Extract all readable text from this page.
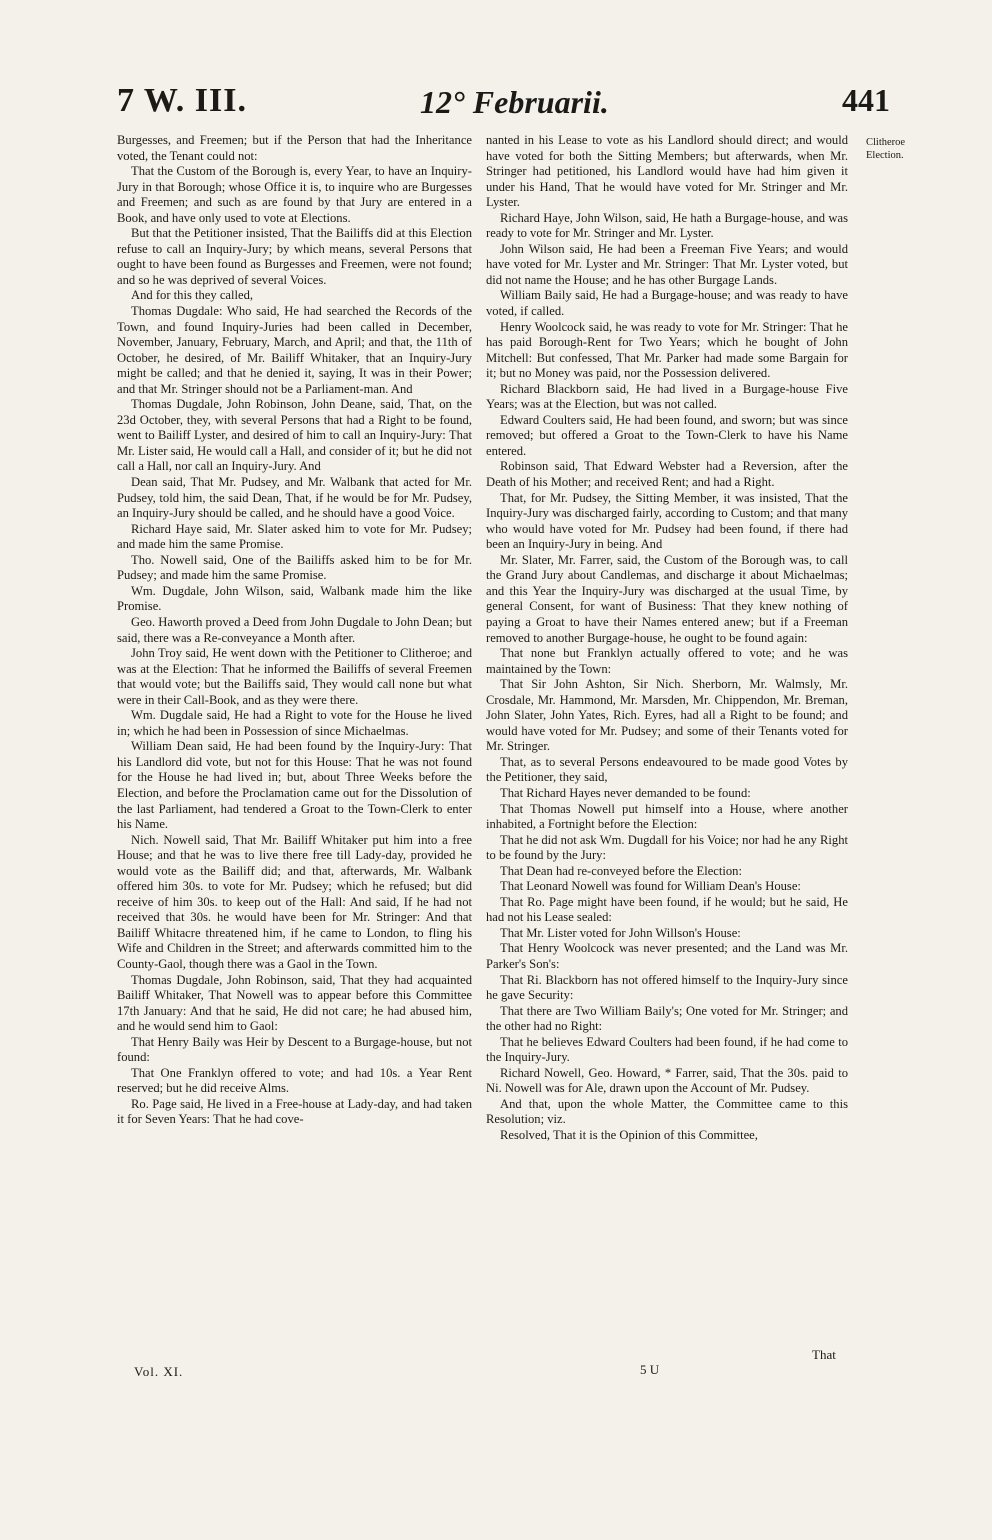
7 W. III.	12° Februarii.	441

Burgesses, and Freemen; but if the Person that had the Inheritance voted, the Tenant could not:

That the Custom of the Borough is, every Year, to have an Inquiry-Jury in that Borough; whose Office it is, to inquire who are Burgesses and Freemen; and such as are found by that Jury are entered in a Book, and have only used to vote at Elections.

But that the Petitioner insisted, That the Bailiffs did at this Election refuse to call an Inquiry-Jury; by which means, several Persons that ought to have been found as Burgesses and Freemen, were not found; and so he was deprived of several Voices.

And for this they called,

Thomas Dugdale: Who said, He had searched the Records of the Town, and found Inquiry-Juries had been called in December, November, January, February, March, and April; and that, the 11th of October, he desired, of Mr. Bailiff Whitaker, that an Inquiry-Jury might be called; and that he denied it, saying, It was in their Power; and that Mr. Stringer should not be a Parliament-man. And

Thomas Dugdale, John Robinson, John Deane, said, That, on the 23d October, they, with several Persons that had a Right to be found, went to Bailiff Lyster, and desired of him to call an Inquiry-Jury: That Mr. Lister said, He would call a Hall, and consider of it; but he did not call a Hall, nor call an Inquiry-Jury. And

Dean said, That Mr. Pudsey, and Mr. Walbank that acted for Mr. Pudsey, told him, the said Dean, That, if he would be for Mr. Pudsey, an Inquiry-Jury should be called, and he should have a good Voice.

Richard Haye said, Mr. Slater asked him to vote for Mr. Pudsey; and made him the same Promise.

Tho. Nowell said, One of the Bailiffs asked him to be for Mr. Pudsey; and made him the same Promise.

Wm. Dugdale, John Wilson, said, Walbank made him the like Promise.

Geo. Haworth proved a Deed from John Dugdale to John Dean; but said, there was a Re-conveyance a Month after.

John Troy said, He went down with the Petitioner to Clitheroe; and was at the Election: That he informed the Bailiffs of several Freemen that would vote; but the Bailiffs said, They would call none but what were in their Call-Book, and as they were there.

Wm. Dugdale said, He had a Right to vote for the House he lived in; which he had been in Possession of since Michaelmas.

William Dean said, He had been found by the Inquiry-Jury: That his Landlord did vote, but not for this House: That he was not found for the House he had lived in; but, about Three Weeks before the Election, and before the Proclamation came out for the Dissolution of the last Parliament, had tendered a Groat to the Town-Clerk to enter his Name.

Nich. Nowell said, That Mr. Bailiff Whitaker put him into a free House; and that he was to live there free till Lady-day, provided he would vote as the Bailiff did; and that, afterwards, Mr. Walbank offered him 30s. to vote for Mr. Pudsey; which he refused; but did receive of him 30s. to keep out of the Hall: And said, If he had not received that 30s. he would have been for Mr. Stringer: And that Bailiff Whitacre threatened him, if he came to London, to fling his Wife and Children in the Street; and afterwards committed him to the County-Gaol, though there was a Gaol in the Town.

Thomas Dugdale, John Robinson, said, That they had acquainted Bailiff Whitaker, That Nowell was to appear before this Committee 17th January: And that he said, He did not care; he had abused him, and he would send him to Gaol:

That Henry Baily was Heir by Descent to a Burgage-house, but not found:

That One Franklyn offered to vote; and had 10s. a Year Rent reserved; but he did receive Alms.

Ro. Page said, He lived in a Free-house at Lady-day, and had taken it for Seven Years: That he had cove-

nanted in his Lease to vote as his Landlord should direct; and would have voted for both the Sitting Members; but afterwards, when Mr. Stringer had petitioned, his Landlord would have had him given it under his Hand, That he would have voted for Mr. Stringer and Mr. Lyster.

Richard Haye, John Wilson, said, He hath a Burgage-house, and was ready to vote for Mr. Stringer and Mr. Lyster.

John Wilson said, He had been a Freeman Five Years; and would have voted for Mr. Lyster and Mr. Stringer: That Mr. Lyster voted, but did not name the House; and he has other Burgage Lands.

William Baily said, He had a Burgage-house; and was ready to have voted, if called.

Henry Woolcock said, he was ready to vote for Mr. Stringer: That he has paid Borough-Rent for Two Years; which he bought of John Mitchell: But confessed, That Mr. Parker had made some Bargain for it; but no Money was paid, nor the Possession delivered.

Richard Blackborn said, He had lived in a Burgage-house Five Years; was at the Election, but was not called.

Edward Coulters said, He had been found, and sworn; but was since removed; but offered a Groat to the Town-Clerk to have his Name entered.

Robinson said, That Edward Webster had a Reversion, after the Death of his Mother; and received Rent; and had a Right.

That, for Mr. Pudsey, the Sitting Member, it was insisted, That the Inquiry-Jury was discharged fairly, according to Custom; and that many who would have voted for Mr. Pudsey had been found, if there had been an Inquiry-Jury in being. And

Mr. Slater, Mr. Farrer, said, the Custom of the Borough was, to call the Grand Jury about Candlemas, and discharge it about Michaelmas; and this Year the Inquiry-Jury was discharged at the usual Time, by general Consent, for want of Business: That they knew nothing of paying a Groat to have their Names entered anew; but if a Freeman removed to another Burgage-house, he ought to be found again:

That none but Franklyn actually offered to vote; and he was maintained by the Town:

That Sir John Ashton, Sir Nich. Sherborn, Mr. Walmsly, Mr. Crosdale, Mr. Hammond, Mr. Marsden, Mr. Chippendon, Mr. Breman, John Slater, John Yates, Rich. Eyres, had all a Right to be found; and would have voted for Mr. Pudsey; and some of their Tenants voted for Mr. Stringer.

That, as to several Persons endeavoured to be made good Votes by the Petitioner, they said,

That Richard Hayes never demanded to be found:

That Thomas Nowell put himself into a House, where another inhabited, a Fortnight before the Election:

That he did not ask Wm. Dugdall for his Voice; nor had he any Right to be found by the Jury:

That Dean had re-conveyed before the Election:

That Leonard Nowell was found for William Dean's House:

That Ro. Page might have been found, if he would; but he said, He had not his Lease sealed:

That Mr. Lister voted for John Willson's House:

That Henry Woolcock was never presented; and the Land was Mr. Parker's Son's:

That Ri. Blackborn has not offered himself to the Inquiry-Jury since he gave Security:

That there are Two William Baily's; One voted for Mr. Stringer; and the other had no Right:

That he believes Edward Coulters had been found, if he had come to the Inquiry-Jury.

Richard Nowell, Geo. Howard, * Farrer, said, That the 30s. paid to Ni. Nowell was for Ale, drawn upon the Account of Mr. Pudsey.

And that, upon the whole Matter, the Committee came to this Resolution; viz.

Resolved, That it is the Opinion of this Committee,

Clitheroe Election.
Vol. XI.	5 U
That
